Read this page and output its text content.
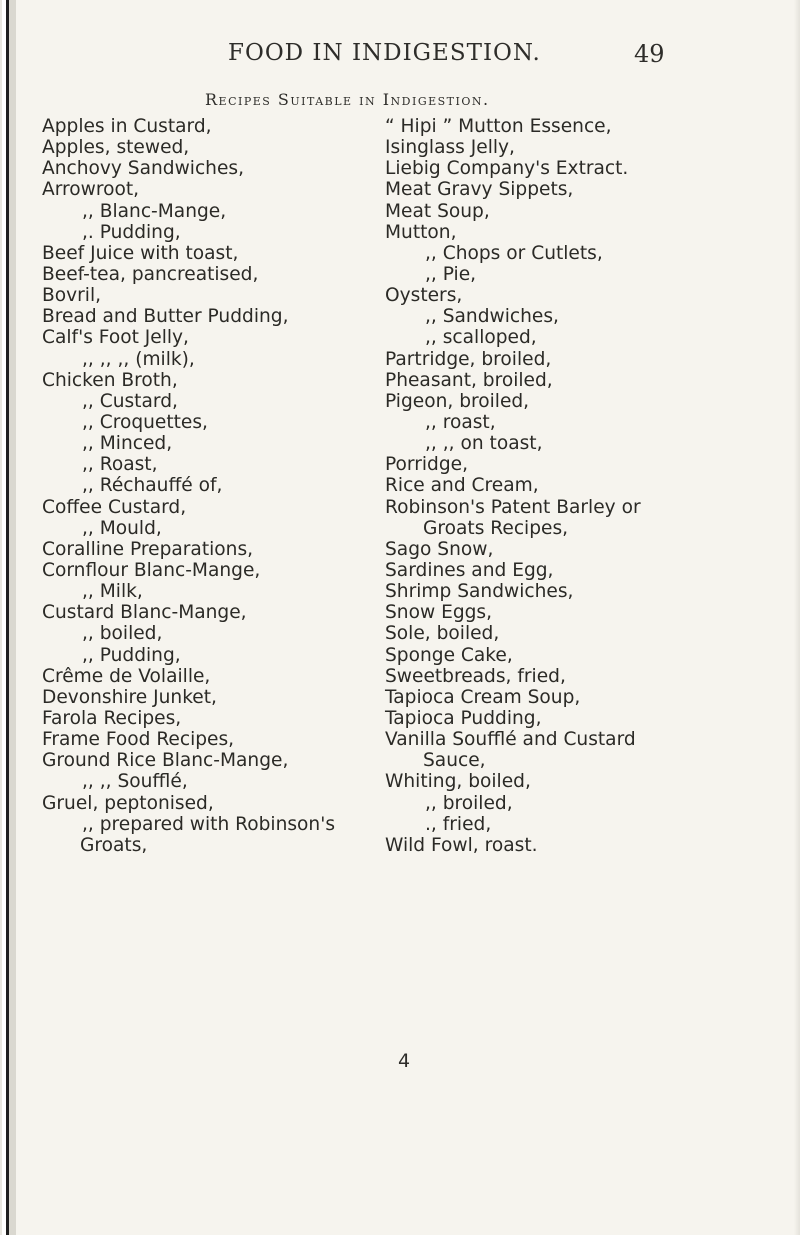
FOOD IN INDIGESTION.	49
Recipes Suitable in Indigestion.
Apples in Custard,
Apples, stewed,
Anchovy Sandwiches,
Arrowroot,
,, Blanc-Mange,
,. Pudding,
Beef Juice with toast,
Beef-tea, pancreatised,
Bovril,
Bread and Butter Pudding,
Calf's Foot Jelly,
,, ,, ,, (milk),
Chicken Broth,
,, Custard,
,, Croquettes,
,, Minced,
,, Roast,
,, Réchauffé of,
Coffee Custard,
,, Mould,
Coralline Preparations,
Cornflour Blanc-Mange,
,, Milk,
Custard Blanc-Mange,
,, boiled,
,, Pudding,
Crême de Volaille,
Devonshire Junket,
Farola Recipes,
Frame Food Recipes,
Ground Rice Blanc-Mange,
,, ,, Soufflé,
Gruel, peptonised,
,, prepared with Robinson's
Groats,
“ Hipi ” Mutton Essence,
Isinglass Jelly,
Liebig Company's Extract.
Meat Gravy Sippets,
Meat Soup,
Mutton,
,, Chops or Cutlets,
,, Pie,
Oysters,
,, Sandwiches,
,, scalloped,
Partridge, broiled,
Pheasant, broiled,
Pigeon, broiled,
,, roast,
,, ,, on toast,
Porridge,
Rice and Cream,
Robinson's Patent Barley or
Groats Recipes,
Sago Snow,
Sardines and Egg,
Shrimp Sandwiches,
Snow Eggs,
Sole, boiled,
Sponge Cake,
Sweetbreads, fried,
Tapioca Cream Soup,
Tapioca Pudding,
Vanilla Soufflé and Custard
Sauce,
Whiting, boiled,
,, broiled,
., fried,
Wild Fowl, roast.
4
